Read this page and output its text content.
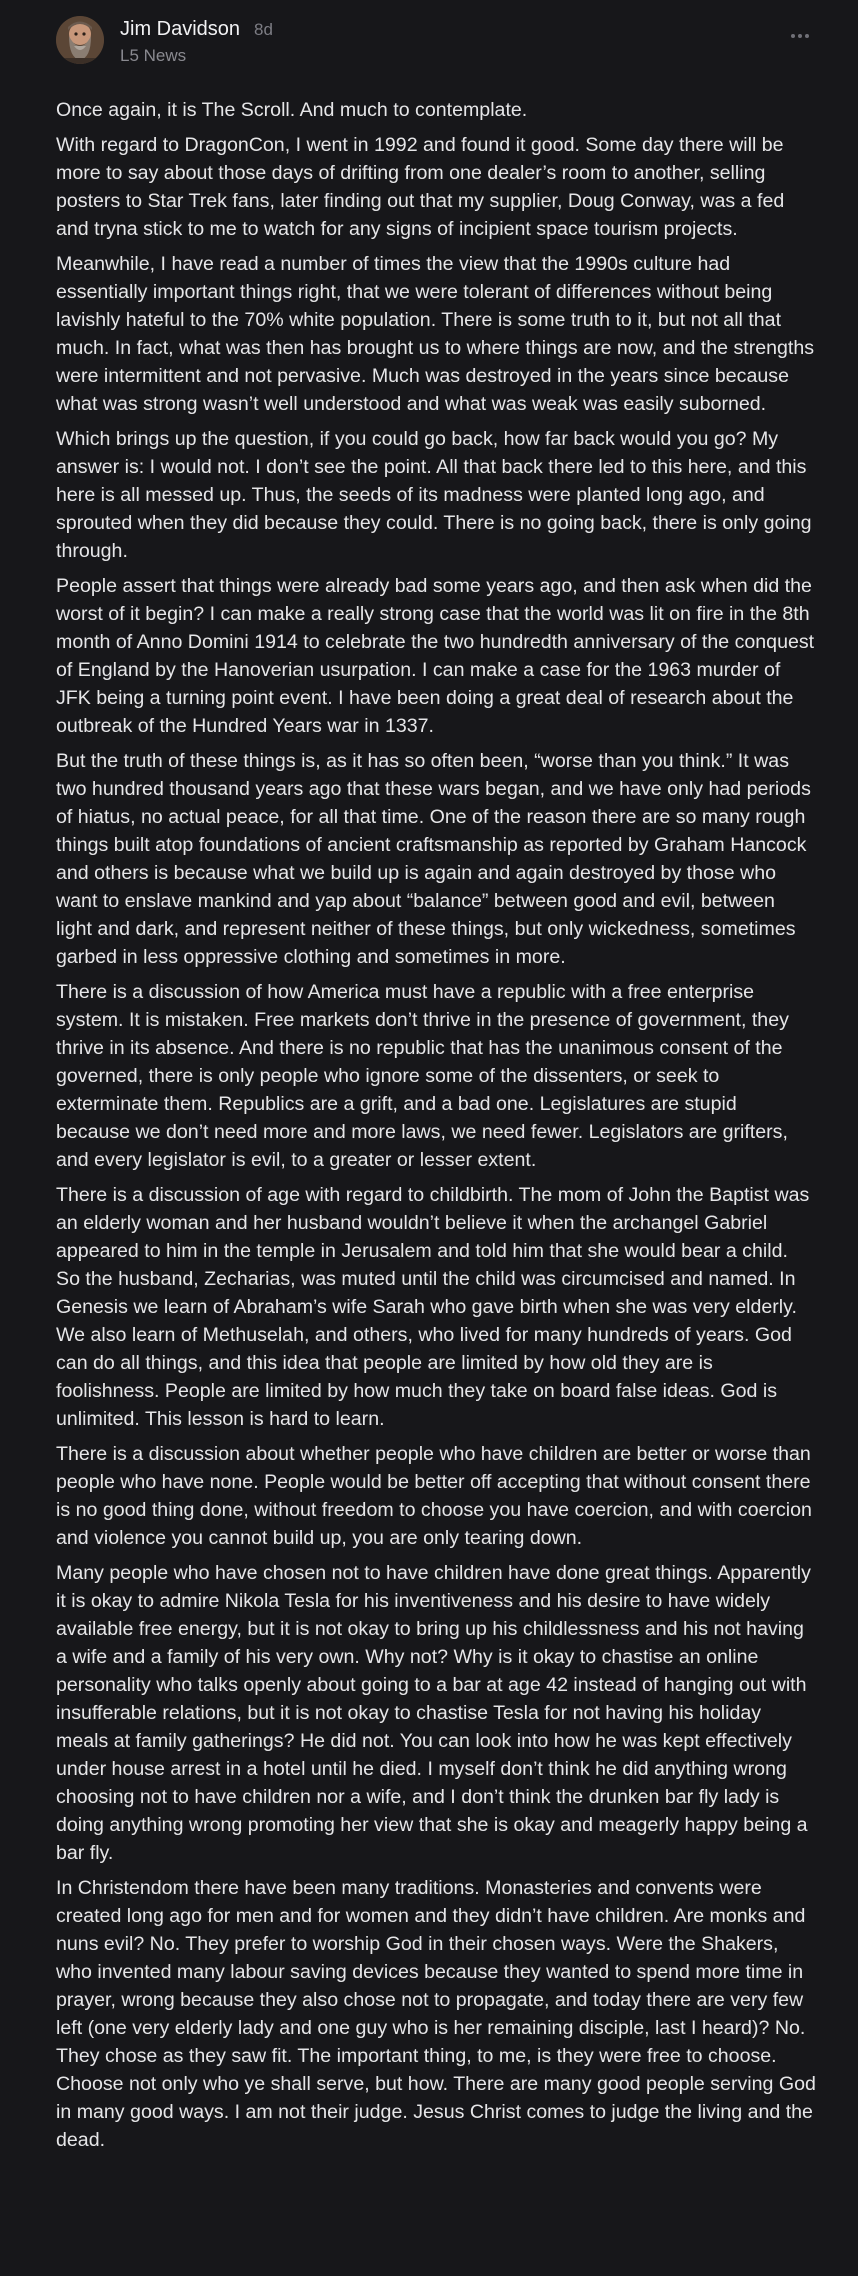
Jim Davidson 8d
L5 News

Once again, it is The Scroll. And much to contemplate.

With regard to DragonCon, I went in 1992 and found it good. Some day there will be more to say about those days of drifting from one dealer’s room to another, selling posters to Star Trek fans, later finding out that my supplier, Doug Conway, was a fed and tryna stick to me to watch for any signs of incipient space tourism projects.

Meanwhile, I have read a number of times the view that the 1990s culture had essentially important things right, that we were tolerant of differences without being lavishly hateful to the 70% white population. There is some truth to it, but not all that much. In fact, what was then has brought us to where things are now, and the strengths were intermittent and not pervasive. Much was destroyed in the years since because what was strong wasn’t well understood and what was weak was easily suborned.

Which brings up the question, if you could go back, how far back would you go? My answer is: I would not. I don’t see the point. All that back there led to this here, and this here is all messed up. Thus, the seeds of its madness were planted long ago, and sprouted when they did because they could. There is no going back, there is only going through.

People assert that things were already bad some years ago, and then ask when did the worst of it begin? I can make a really strong case that the world was lit on fire in the 8th month of Anno Domini 1914 to celebrate the two hundredth anniversary of the conquest of England by the Hanoverian usurpation. I can make a case for the 1963 murder of JFK being a turning point event. I have been doing a great deal of research about the outbreak of the Hundred Years war in 1337.

But the truth of these things is, as it has so often been, “worse than you think.” It was two hundred thousand years ago that these wars began, and we have only had periods of hiatus, no actual peace, for all that time. One of the reason there are so many rough things built atop foundations of ancient craftsmanship as reported by Graham Hancock and others is because what we build up is again and again destroyed by those who want to enslave mankind and yap about “balance” between good and evil, between light and dark, and represent neither of these things, but only wickedness, sometimes garbed in less oppressive clothing and sometimes in more.

There is a discussion of how America must have a republic with a free enterprise system. It is mistaken. Free markets don’t thrive in the presence of government, they thrive in its absence. And there is no republic that has the unanimous consent of the governed, there is only people who ignore some of the dissenters, or seek to exterminate them. Republics are a grift, and a bad one. Legislatures are stupid because we don’t need more and more laws, we need fewer. Legislators are grifters, and every legislator is evil, to a greater or lesser extent.

There is a discussion of age with regard to childbirth. The mom of John the Baptist was an elderly woman and her husband wouldn’t believe it when the archangel Gabriel appeared to him in the temple in Jerusalem and told him that she would bear a child. So the husband, Zecharias, was muted until the child was circumcised and named. In Genesis we learn of Abraham’s wife Sarah who gave birth when she was very elderly. We also learn of Methuselah, and others, who lived for many hundreds of years. God can do all things, and this idea that people are limited by how old they are is foolishness. People are limited by how much they take on board false ideas. God is unlimited. This lesson is hard to learn.

There is a discussion about whether people who have children are better or worse than people who have none. People would be better off accepting that without consent there is no good thing done, without freedom to choose you have coercion, and with coercion and violence you cannot build up, you are only tearing down.

Many people who have chosen not to have children have done great things. Apparently it is okay to admire Nikola Tesla for his inventiveness and his desire to have widely available free energy, but it is not okay to bring up his childlessness and his not having a wife and a family of his very own. Why not? Why is it okay to chastise an online personality who talks openly about going to a bar at age 42 instead of hanging out with insufferable relations, but it is not okay to chastise Tesla for not having his holiday meals at family gatherings? He did not. You can look into how he was kept effectively under house arrest in a hotel until he died. I myself don’t think he did anything wrong choosing not to have children nor a wife, and I don’t think the drunken bar fly lady is doing anything wrong promoting her view that she is okay and meagerly happy being a bar fly.

In Christendom there have been many traditions. Monasteries and convents were created long ago for men and for women and they didn’t have children. Are monks and nuns evil? No. They prefer to worship God in their chosen ways. Were the Shakers, who invented many labour saving devices because they wanted to spend more time in prayer, wrong because they also chose not to propagate, and today there are very few left (one very elderly lady and one guy who is her remaining disciple, last I heard)? No. They chose as they saw fit. The important thing, to me, is they were free to choose. Choose not only who ye shall serve, but how. There are many good people serving God in many good ways. I am not their judge. Jesus Christ comes to judge the living and the dead.
